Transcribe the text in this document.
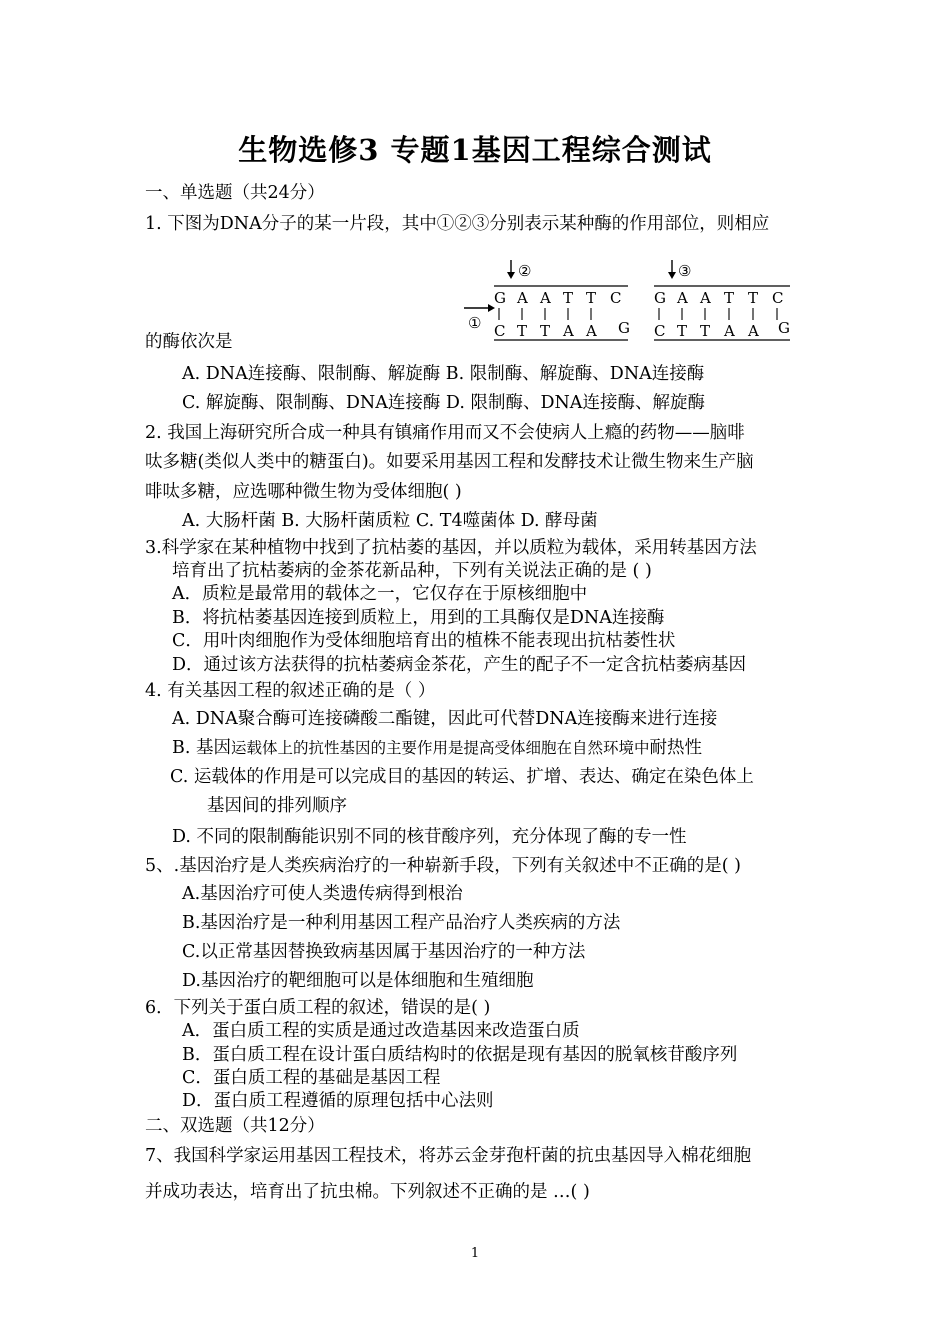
生物选修3 专题1基因工程综合测试
一、单选题（共24分）
1. 下图为DNA分子的某一片段，其中①②③分别表示某种酶的作用部位，则相应
②	③
①
G A A T T C
C T T A A G
G A A T T C
C T T A A G
的酶依次是
A. DNA连接酶、限制酶、解旋酶 B. 限制酶、解旋酶、DNA连接酶
C. 解旋酶、限制酶、DNA连接酶 D. 限制酶、DNA连接酶、解旋酶
2. 我国上海研究所合成一种具有镇痛作用而又不会使病人上瘾的药物——脑啡
呔多糖(类似人类中的糖蛋白)。如要采用基因工程和发酵技术让微生物来生产脑
啡呔多糖，应选哪种微生物为受体细胞( )
A. 大肠杆菌 B. 大肠杆菌质粒 C. T4噬菌体 D. 酵母菌
3.科学家在某种植物中找到了抗枯萎的基因，并以质粒为载体，采用转基因方法
培育出了抗枯萎病的金茶花新品种，下列有关说法正确的是 ( )
A．质粒是最常用的载体之一，它仅存在于原核细胞中
B．将抗枯萎基因连接到质粒上，用到的工具酶仅是DNA连接酶
C．用叶肉细胞作为受体细胞培育出的植株不能表现出抗枯萎性状
D．通过该方法获得的抗枯萎病金茶花，产生的配子不一定含抗枯萎病基因
4. 有关基因工程的叙述正确的是（ ）
A. DNA聚合酶可连接磷酸二酯键，因此可代替DNA连接酶来进行连接
B. 基因运载体上的抗性基因的主要作用是提高受体细胞在自然环境中耐热性
C. 运载体的作用是可以完成目的基因的转运、扩增、表达、确定在染色体上
基因间的排列顺序
D. 不同的限制酶能识别不同的核苷酸序列，充分体现了酶的专一性
5、.基因治疗是人类疾病治疗的一种崭新手段，下列有关叙述中不正确的是( )
A.基因治疗可使人类遗传病得到根治
B.基因治疗是一种利用基因工程产品治疗人类疾病的方法
C.以正常基因替换致病基因属于基因治疗的一种方法
D.基因治疗的靶细胞可以是体细胞和生殖细胞
6．下列关于蛋白质工程的叙述，错误的是( )
A．蛋白质工程的实质是通过改造基因来改造蛋白质
B．蛋白质工程在设计蛋白质结构时的依据是现有基因的脱氧核苷酸序列
C．蛋白质工程的基础是基因工程
D．蛋白质工程遵循的原理包括中心法则
二、双选题（共12分）
7、我国科学家运用基因工程技术，将苏云金芽孢杆菌的抗虫基因导入棉花细胞
并成功表达，培育出了抗虫棉。下列叙述不正确的是 …( )
1
